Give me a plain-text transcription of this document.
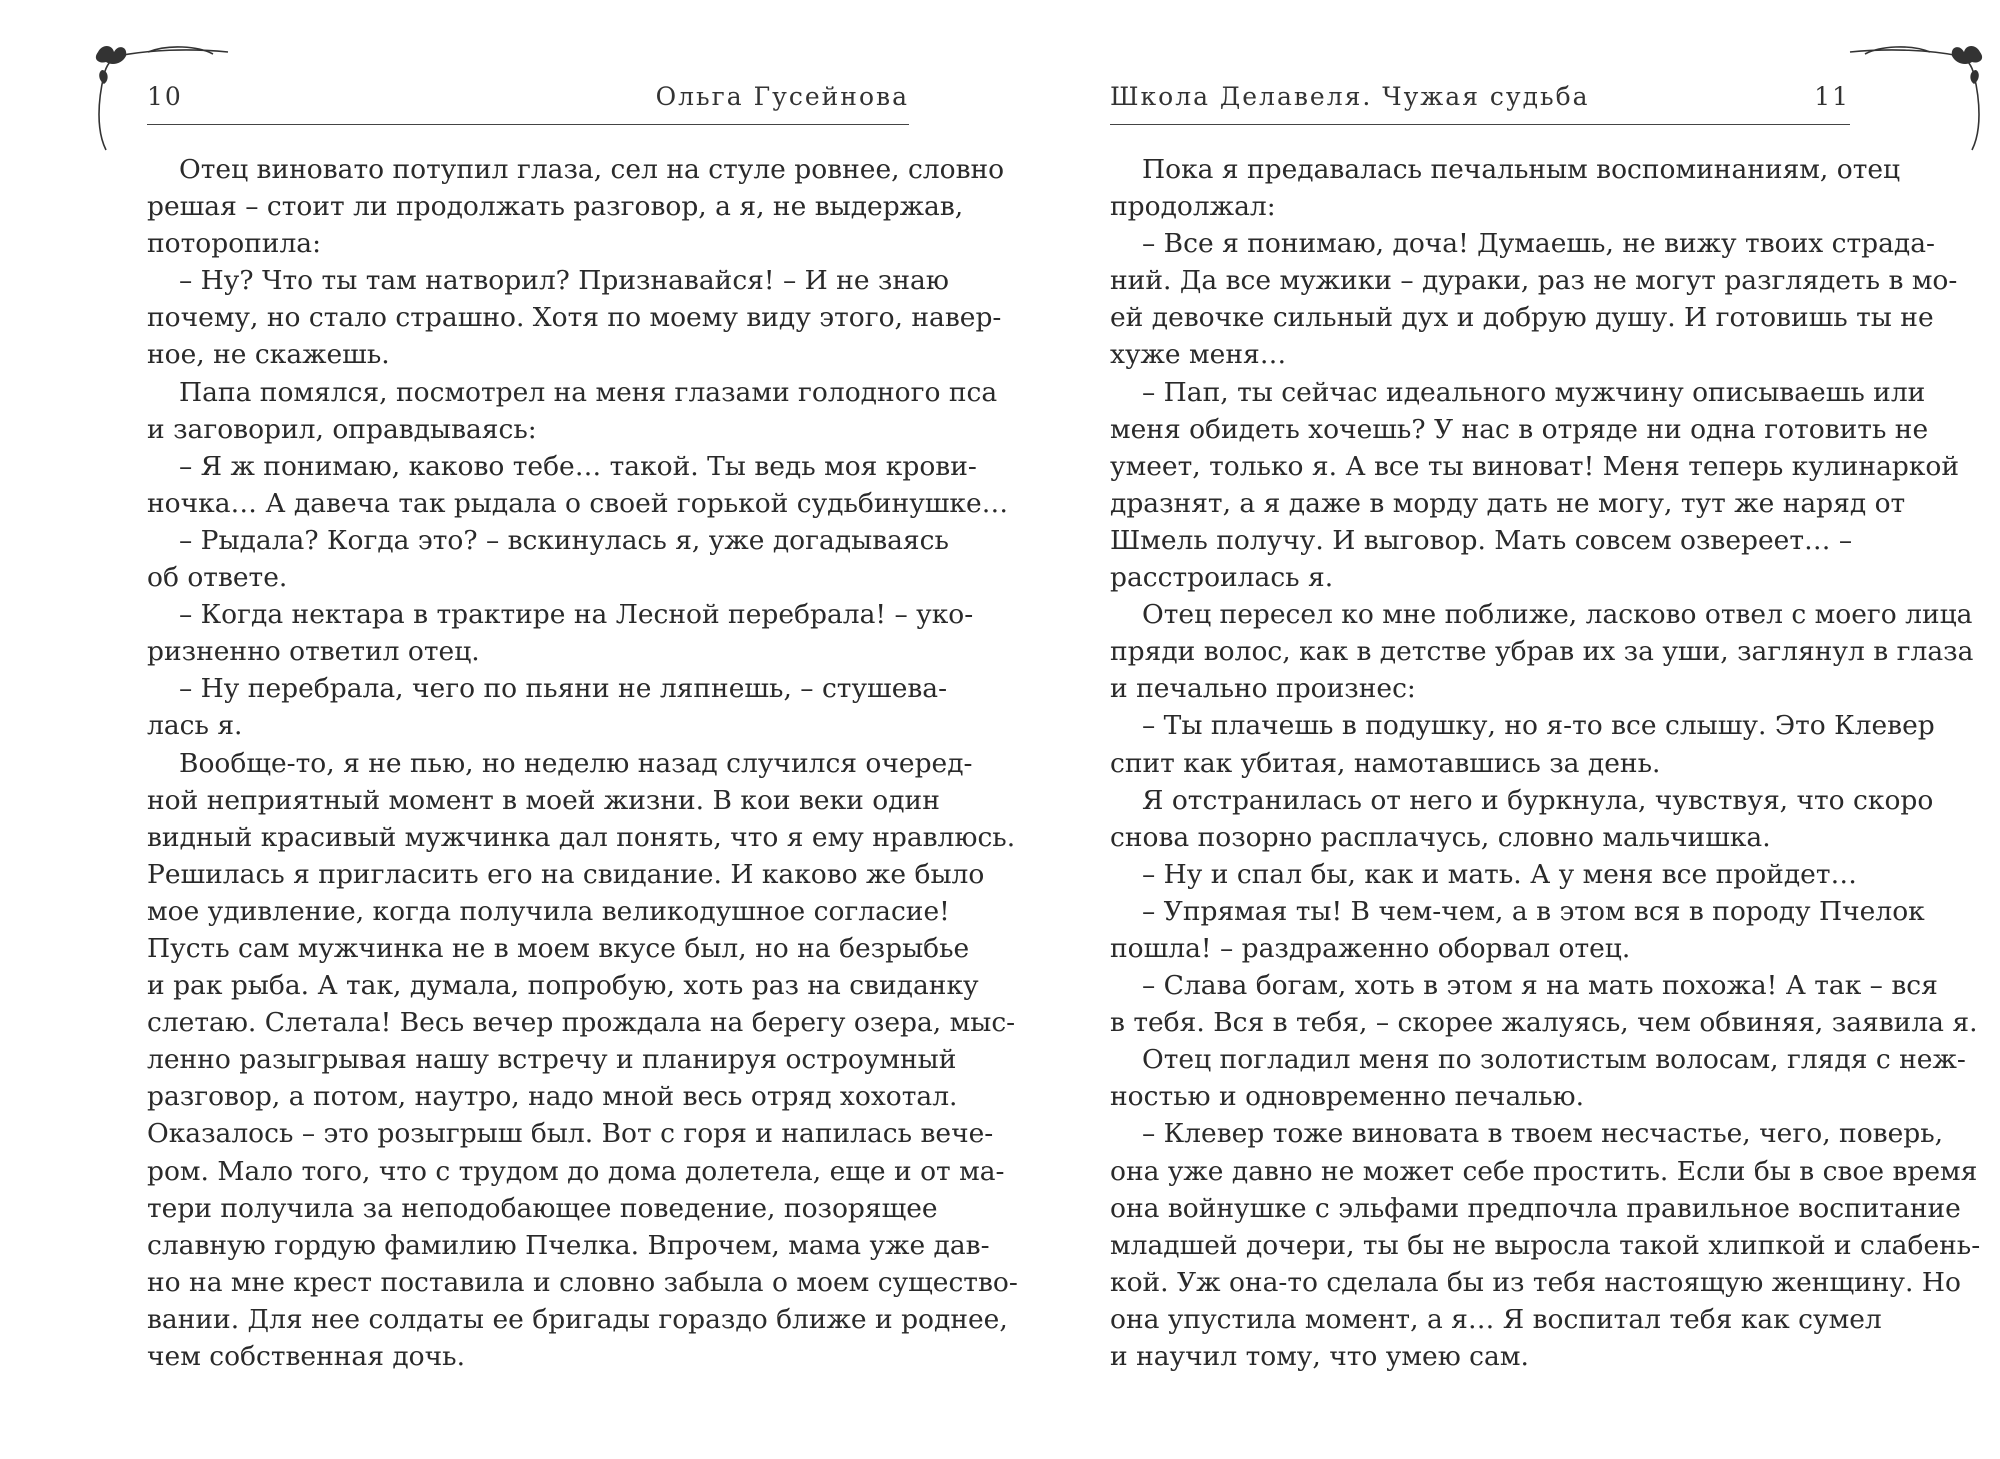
10	Ольга Гусейнова
Отец виновато потупил глаза, сел на стуле ровнее, словно
решая – стоит ли продолжать разговор, а я, не выдержав,
поторопила:
– Ну? Что ты там натворил? Признавайся! – И не знаю
почему, но стало страшно. Хотя по моему виду этого, навер-
ное, не скажешь.
Папа помялся, посмотрел на меня глазами голодного пса
и заговорил, оправдываясь:
– Я ж понимаю, каково тебе… такой. Ты ведь моя крови-
ночка… А давеча так рыдала о своей горькой судьбинушке…
– Рыдала? Когда это? – вскинулась я, уже догадываясь
об ответе.
– Когда нектара в трактире на Лесной перебрала! – уко-
ризненно ответил отец.
– Ну перебрала, чего по пьяни не ляпнешь, – стушева-
лась я.
Вообще-то, я не пью, но неделю назад случился очеред-
ной неприятный момент в моей жизни. В кои веки один
видный красивый мужчинка дал понять, что я ему нравлюсь.
Решилась я пригласить его на свидание. И каково же было
мое удивление, когда получила великодушное согласие!
Пусть сам мужчинка не в моем вкусе был, но на безрыбье
и рак рыба. А так, думала, попробую, хоть раз на свиданку
слетаю. Слетала! Весь вечер прождала на берегу озера, мыс-
ленно разыгрывая нашу встречу и планируя остроумный
разговор, а потом, наутро, надо мной весь отряд хохотал.
Оказалось – это розыгрыш был. Вот с горя и напилась вече-
ром. Мало того, что с трудом до дома долетела, еще и от ма-
тери получила за неподобающее поведение, позорящее
славную гордую фамилию Пчелка. Впрочем, мама уже дав-
но на мне крест поставила и словно забыла о моем существо-
вании. Для нее солдаты ее бригады гораздо ближе и роднее,
чем собственная дочь.
Школа Делавеля. Чужая судьба	11
Пока я предавалась печальным воспоминаниям, отец
продолжал:
– Все я понимаю, доча! Думаешь, не вижу твоих страда-
ний. Да все мужики – дураки, раз не могут разглядеть в мо-
ей девочке сильный дух и добрую душу. И готовишь ты не
хуже меня…
– Пап, ты сейчас идеального мужчину описываешь или
меня обидеть хочешь? У нас в отряде ни одна готовить не
умеет, только я. А все ты виноват! Меня теперь кулинаркой
дразнят, а я даже в морду дать не могу, тут же наряд от
Шмель получу. И выговор. Мать совсем озвереет… –
расстроилась я.
Отец пересел ко мне поближе, ласково отвел с моего лица
пряди волос, как в детстве убрав их за уши, заглянул в глаза
и печально произнес:
– Ты плачешь в подушку, но я-то все слышу. Это Клевер
спит как убитая, намотавшись за день.
Я отстранилась от него и буркнула, чувствуя, что скоро
снова позорно расплачусь, словно мальчишка.
– Ну и спал бы, как и мать. А у меня все пройдет…
– Упрямая ты! В чем-чем, а в этом вся в породу Пчелок
пошла! – раздраженно оборвал отец.
– Слава богам, хоть в этом я на мать похожа! А так – вся
в тебя. Вся в тебя, – скорее жалуясь, чем обвиняя, заявила я.
Отец погладил меня по золотистым волосам, глядя с неж-
ностью и одновременно печалью.
– Клевер тоже виновата в твоем несчастье, чего, поверь,
она уже давно не может себе простить. Если бы в свое время
она войнушке с эльфами предпочла правильное воспитание
младшей дочери, ты бы не выросла такой хлипкой и слабень-
кой. Уж она-то сделала бы из тебя настоящую женщину. Но
она упустила момент, а я… Я воспитал тебя как сумел
и научил тому, что умею сам.
